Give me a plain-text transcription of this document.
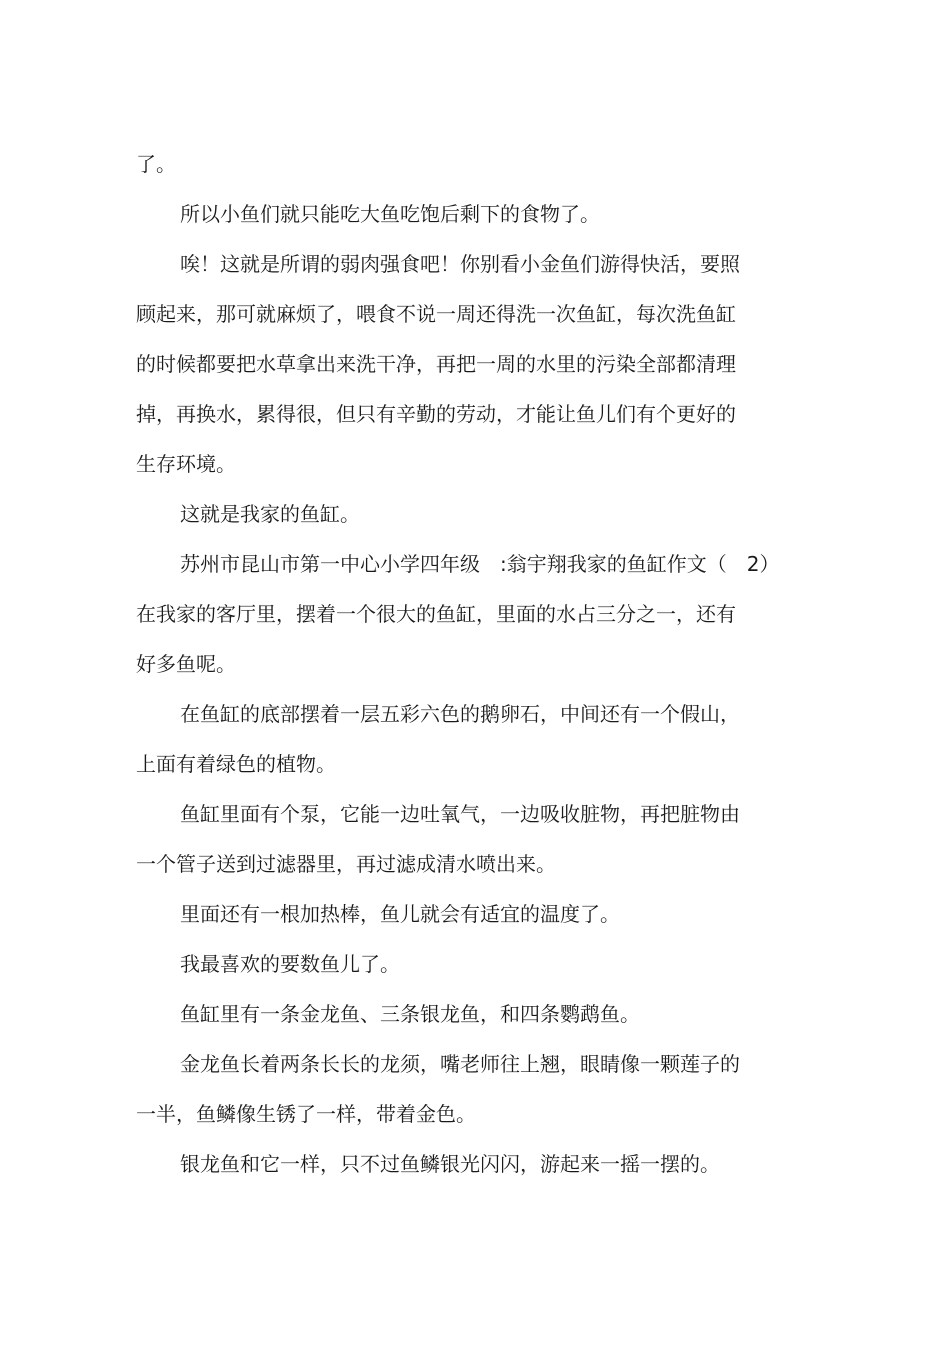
了。
所以小鱼们就只能吃大鱼吃饱后剩下的食物了。
唉！这就是所谓的弱肉强食吧！你别看小金鱼们游得快活，要照
顾起来，那可就麻烦了，喂食不说一周还得洗一次鱼缸，每次洗鱼缸
的时候都要把水草拿出来洗干净，再把一周的水里的污染全部都清理
掉，再换水，累得很，但只有辛勤的劳动，才能让鱼儿们有个更好的
生存环境。
这就是我家的鱼缸。
苏州市昆山市第一中心小学四年级　:翁宇翔我家的鱼缸作文（　2）
在我家的客厅里，摆着一个很大的鱼缸，里面的水占三分之一，还有
好多鱼呢。
在鱼缸的底部摆着一层五彩六色的鹅卵石，中间还有一个假山，
上面有着绿色的植物。
鱼缸里面有个泵，它能一边吐氧气，一边吸收脏物，再把脏物由
一个管子送到过滤器里，再过滤成清水喷出来。
里面还有一根加热棒，鱼儿就会有适宜的温度了。
我最喜欢的要数鱼儿了。
鱼缸里有一条金龙鱼、三条银龙鱼，和四条鹦鹉鱼。
金龙鱼长着两条长长的龙须，嘴老师往上翘，眼睛像一颗莲子的
一半，鱼鳞像生锈了一样，带着金色。
银龙鱼和它一样，只不过鱼鳞银光闪闪，游起来一摇一摆的。
